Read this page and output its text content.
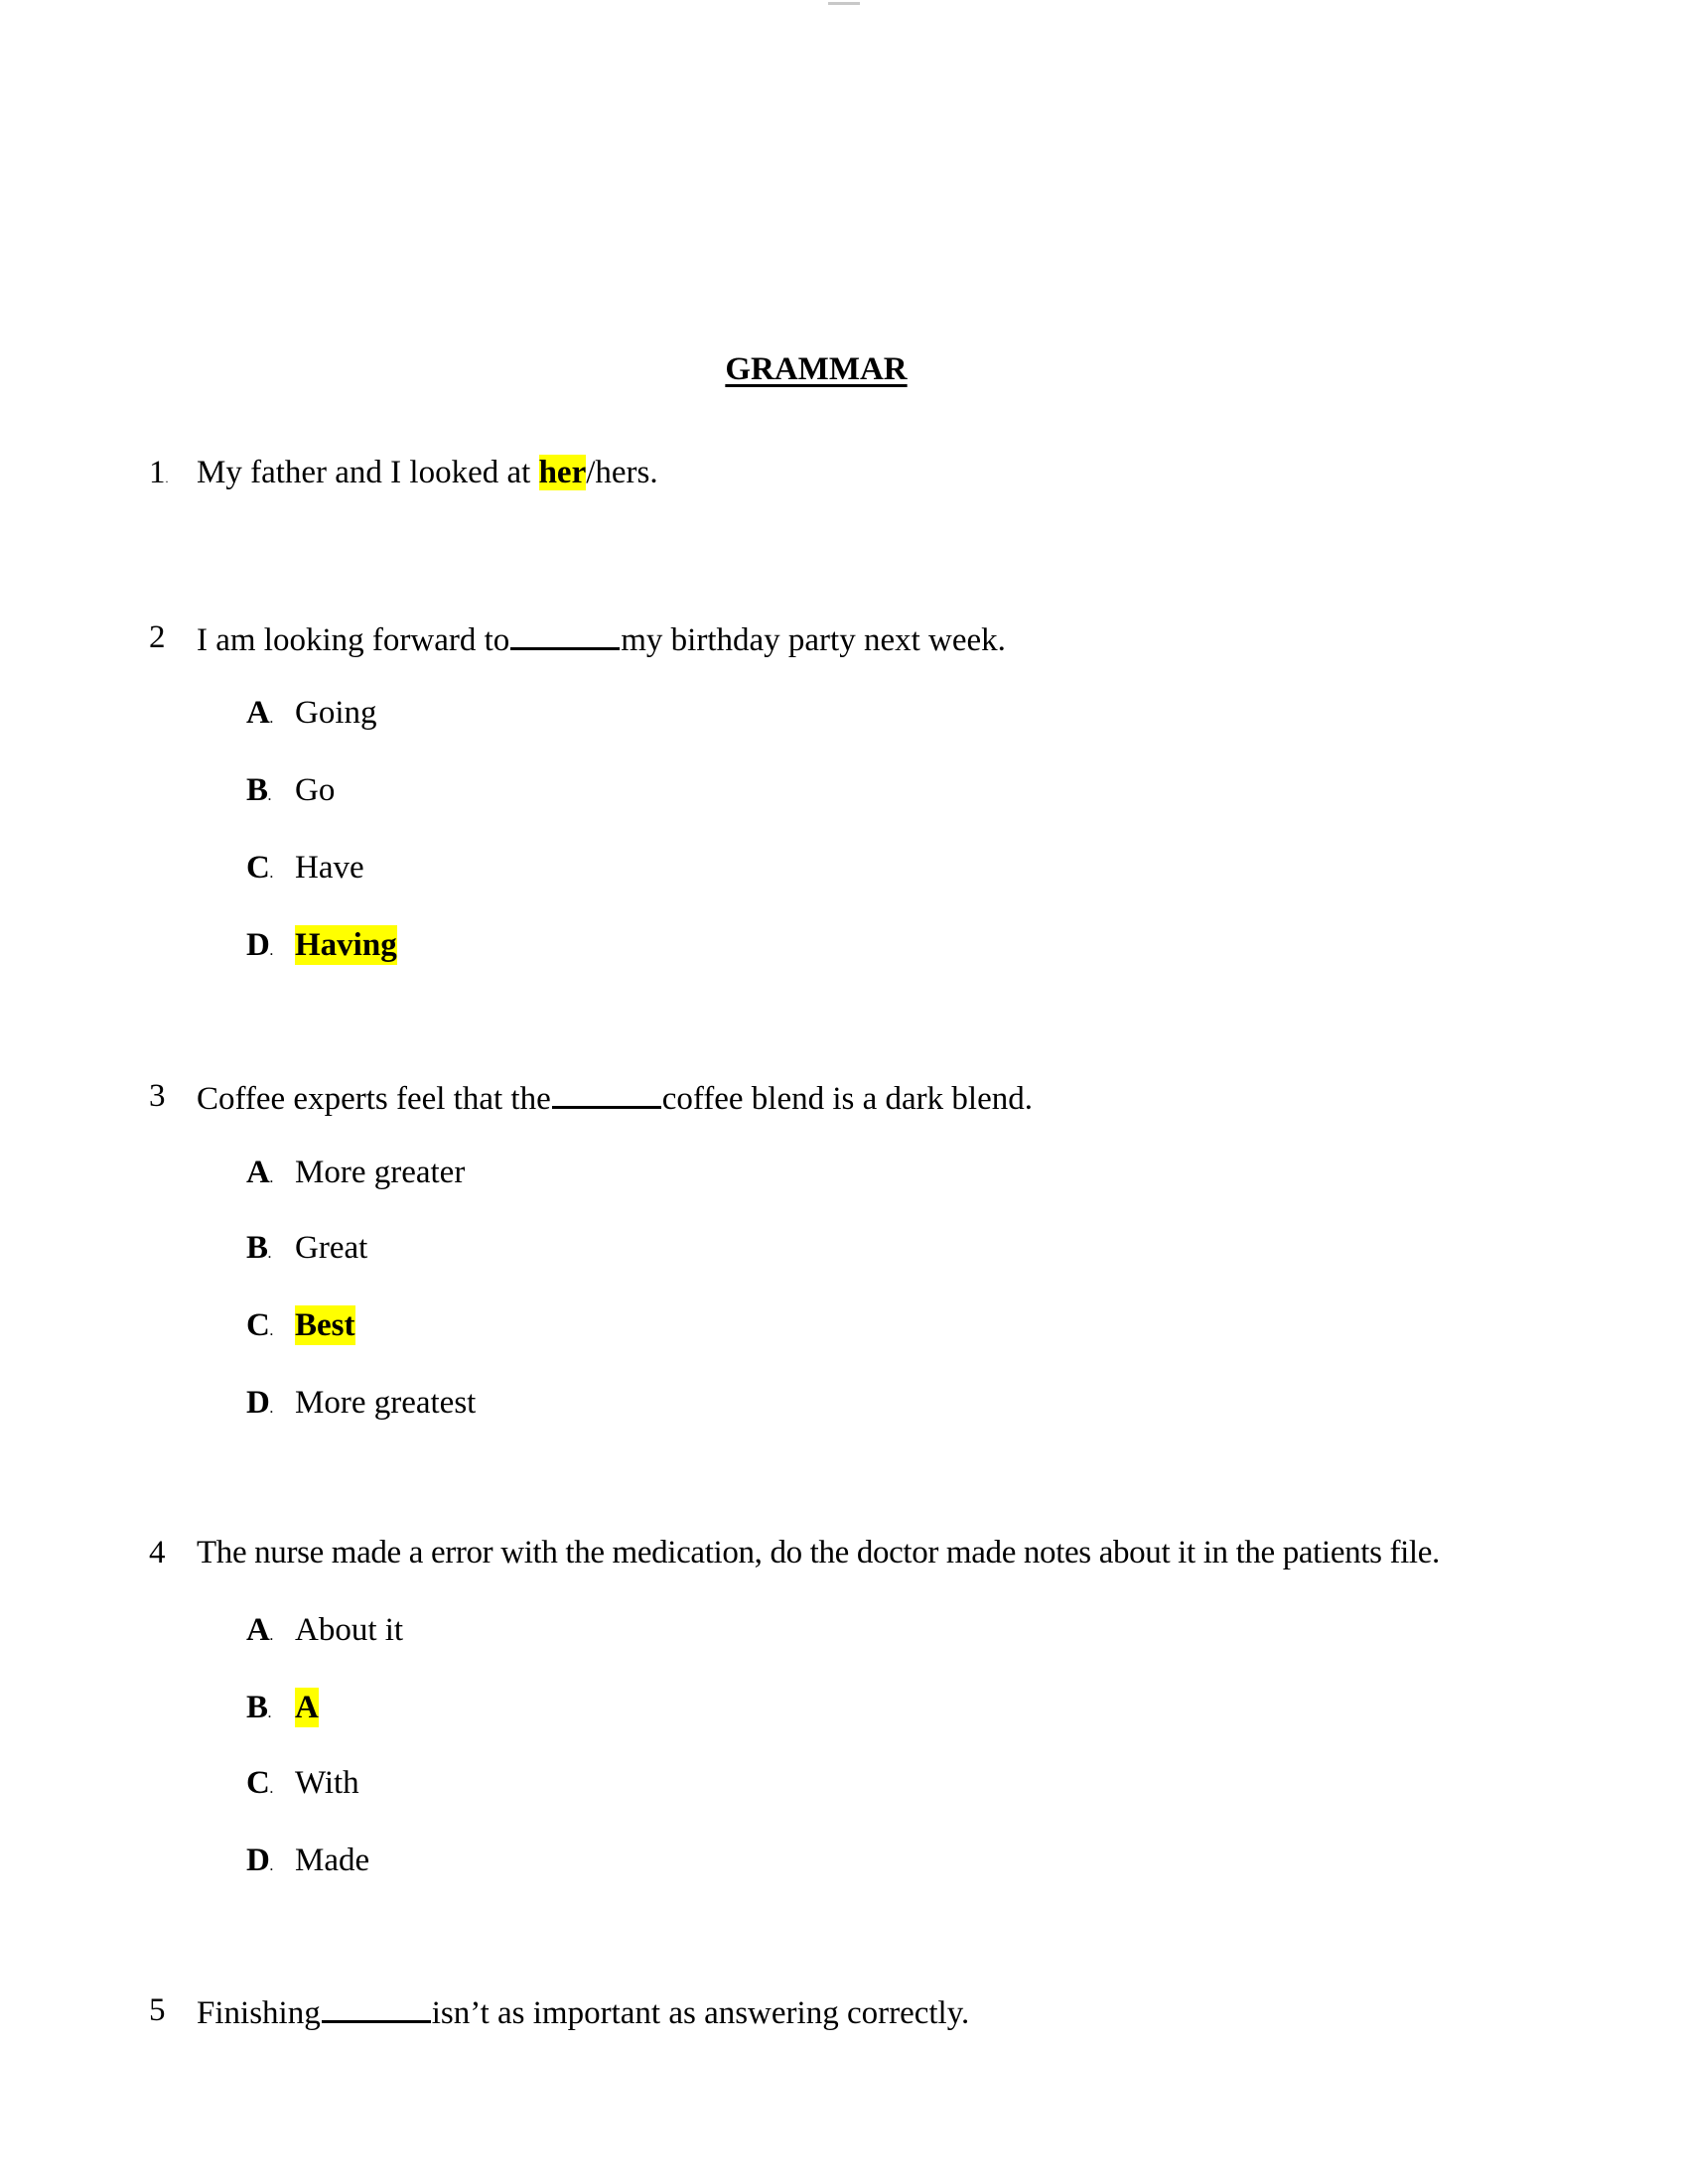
GRAMMAR
1. My father and I looked at her/hers.
2 I am looking forward to	my birthday party next week.
A. Going
B. Go
C. Have
D. Having
3 Coffee experts feel that the	coffee blend is a dark blend.
A. More greater
B. Great
C. Best
D. More greatest
4 The nurse made a error with the medication, do the doctor made notes about it in the patients file.
A. About it
B. A
C. With
D. Made
5 Finishing	isn’t as important as answering correctly.
